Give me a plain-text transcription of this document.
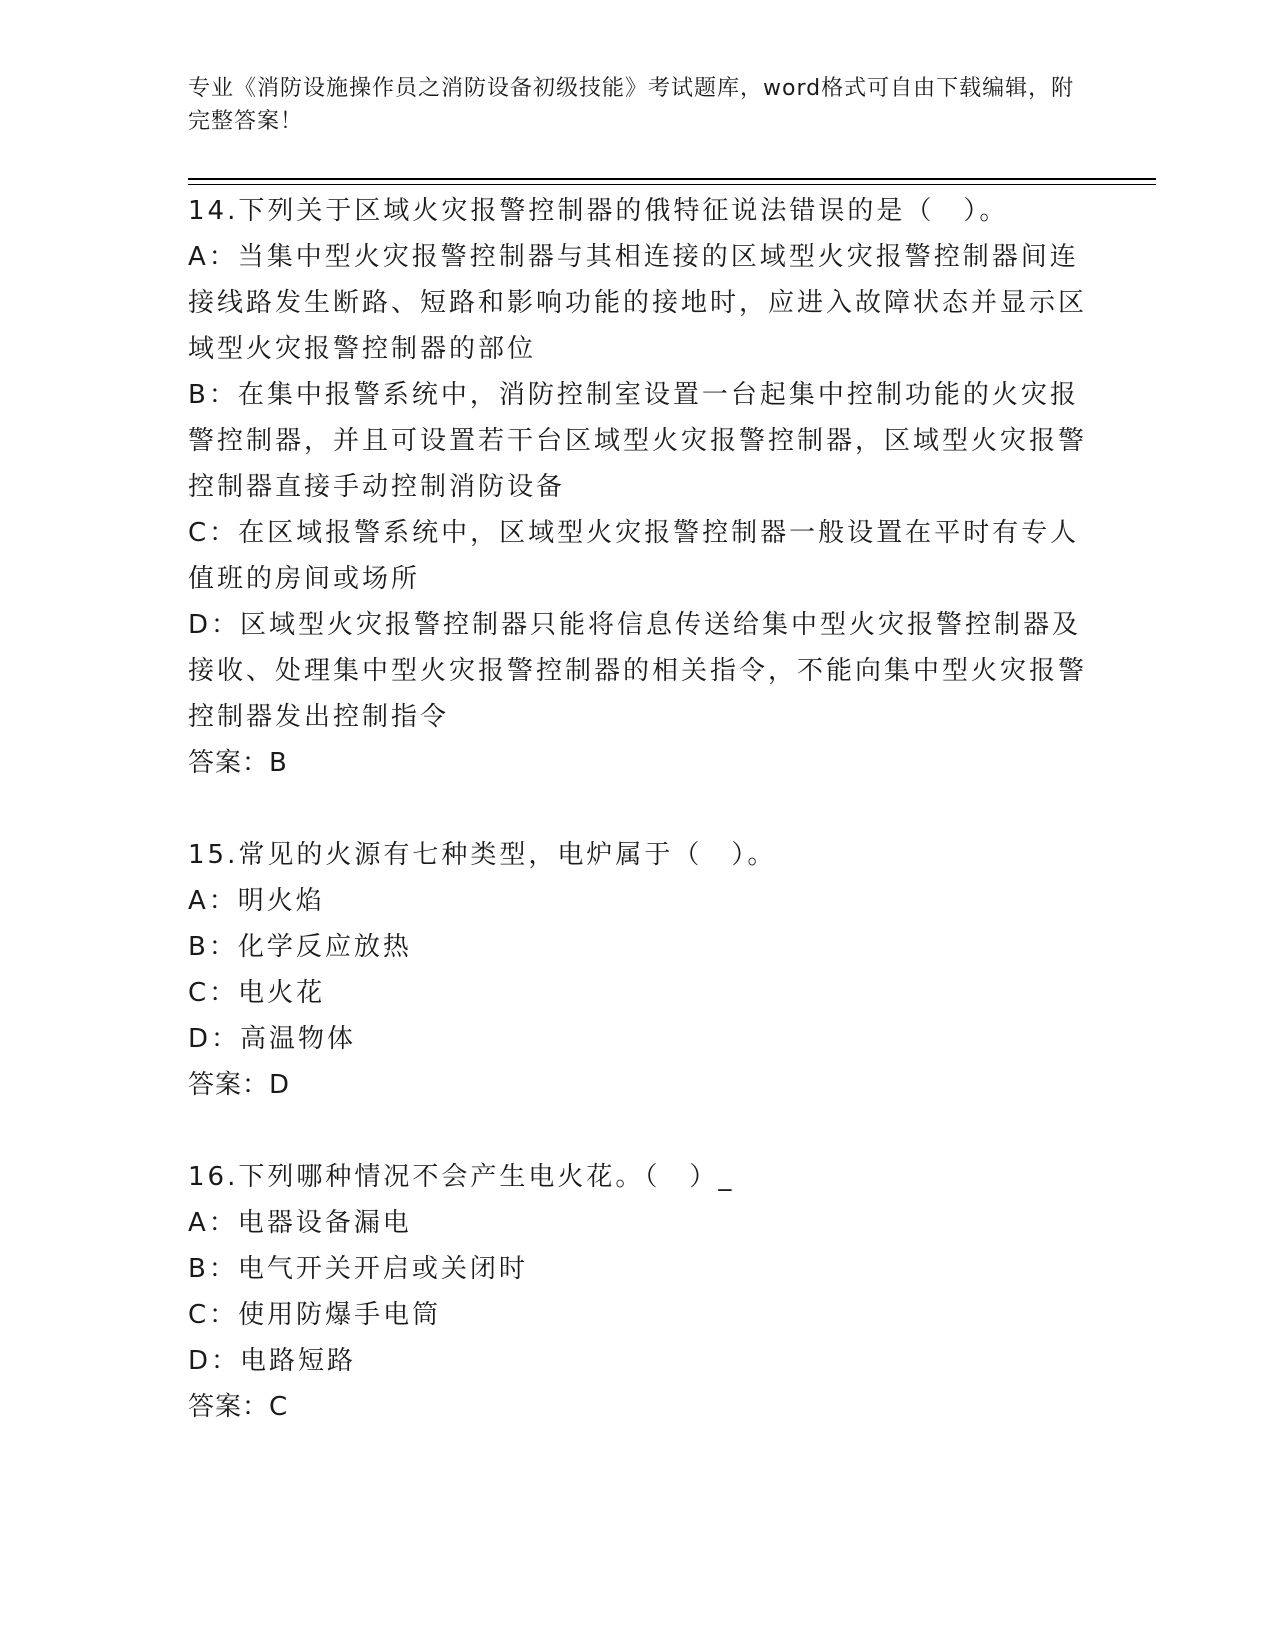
专业《消防设施操作员之消防设备初级技能》考试题库，word格式可自由下载编辑，附完整答案！

14.下列关于区域火灾报警控制器的俄特征说法错误的是（　）。

A：当集中型火灾报警控制器与其相连接的区域型火灾报警控制器间连接线路发生断路、短路和影响功能的接地时，应进入故障状态并显示区域型火灾报警控制器的部位

B：在集中报警系统中，消防控制室设置一台起集中控制功能的火灾报警控制器，并且可设置若干台区域型火灾报警控制器，区域型火灾报警控制器直接手动控制消防设备

C：在区域报警系统中，区域型火灾报警控制器一般设置在平时有专人值班的房间或场所

D：区域型火灾报警控制器只能将信息传送给集中型火灾报警控制器及接收、处理集中型火灾报警控制器的相关指令，不能向集中型火灾报警控制器发出控制指令

答案：B

15.常见的火源有七种类型，电炉属于（　）。

A：明火焰

B：化学反应放热

C：电火花

D：高温物体

答案：D

16.下列哪种情况不会产生电火花。（　）_

A：电器设备漏电

B：电气开关开启或关闭时

C：使用防爆手电筒

D：电路短路

答案：C
